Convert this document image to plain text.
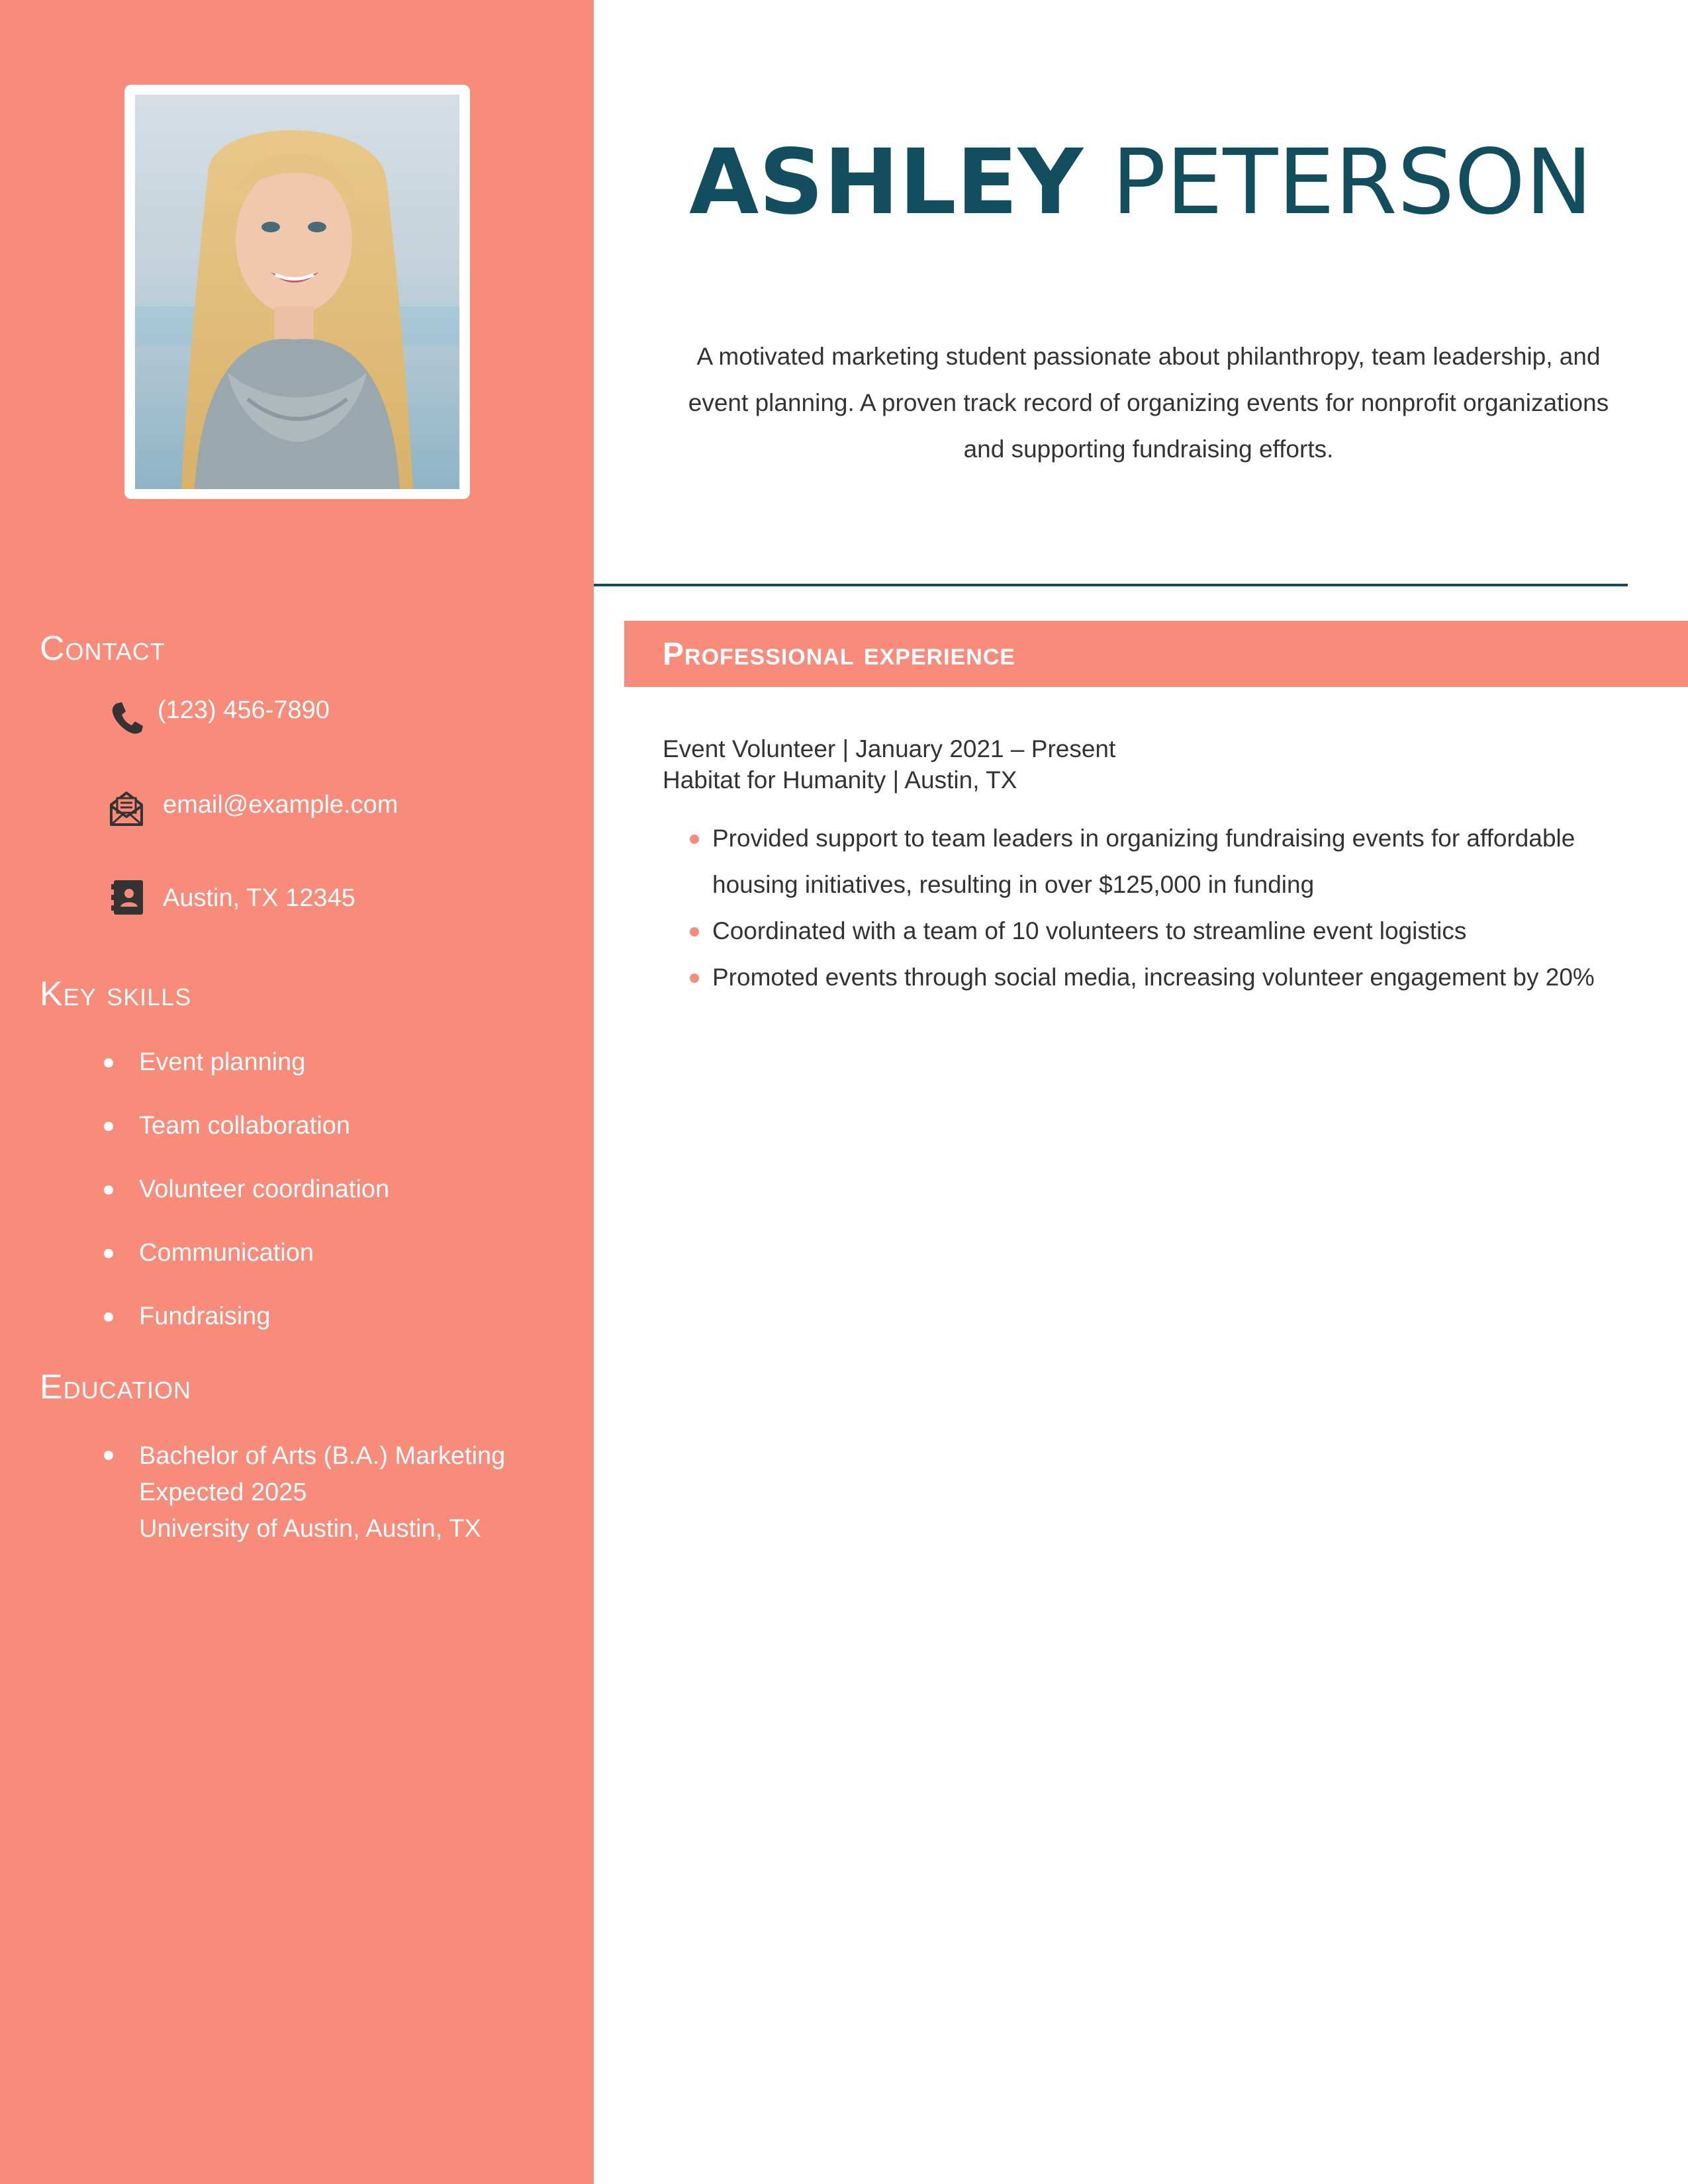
Contact
(123) 456-7890
email@example.com
Austin, TX 12345
Key skills
Event planning
Team collaboration
Volunteer coordination
Communication
Fundraising
Education
Bachelor of Arts (B.A.) Marketing
Expected 2025
University of Austin, Austin, TX
ASHLEY PETERSON

A motivated marketing student passionate about philanthropy, team leadership, and event planning. A proven track record of organizing events for nonprofit organizations and supporting fundraising efforts.

Professional experience
Event Volunteer | January 2021 – Present
Habitat for Humanity | Austin, TX
Provided support to team leaders in organizing fundraising events for affordable housing initiatives, resulting in over $125,000 in funding
Coordinated with a team of 10 volunteers to streamline event logistics
Promoted events through social media, increasing volunteer engagement by 20%
